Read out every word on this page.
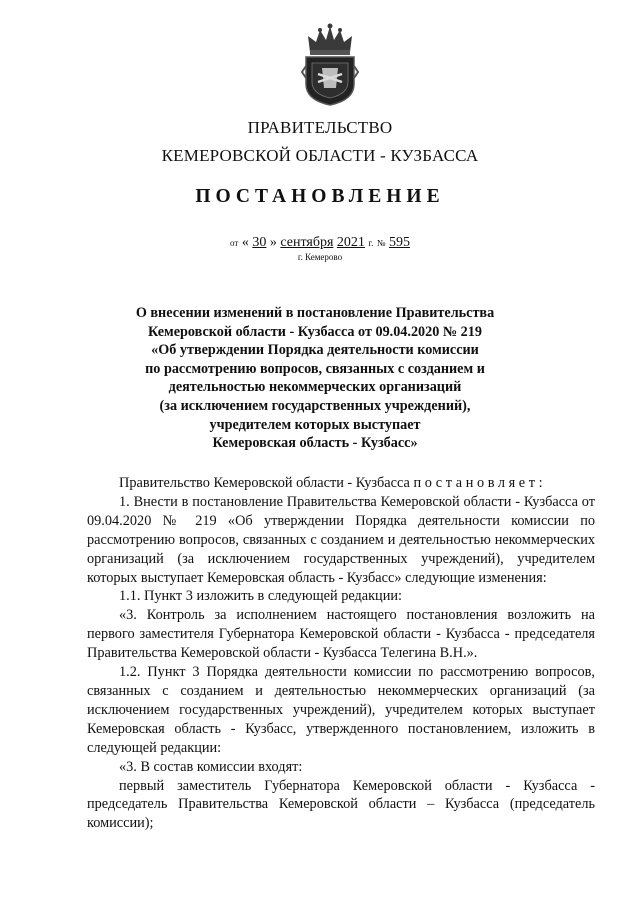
ПРАВИТЕЛЬСТВО
КЕМЕРОВСКОЙ ОБЛАСТИ - КУЗБАССА
ПОСТАНОВЛЕНИЕ
от « 30 » сентября 2021 г. № 595
г. Кемерово
О внесении изменений в постановление Правительства
Кемеровской области - Кузбасса от 09.04.2020 № 219
«Об утверждении Порядка деятельности комиссии
по рассмотрению вопросов, связанных с созданием и
деятельностью некоммерческих организаций
(за исключением государственных учреждений),
учредителем которых выступает
Кемеровская область - Кузбасс»

Правительство Кемеровской области - Кузбасса постановляет:

1. Внести в постановление Правительства Кемеровской области - Кузбасса от 09.04.2020 № 219 «Об утверждении Порядка деятельности комиссии по рассмотрению вопросов, связанных с созданием и деятельностью некоммерческих организаций (за исключением государственных учреждений), учредителем которых выступает Кемеровская область - Кузбасс» следующие изменения:

1.1. Пункт 3 изложить в следующей редакции:

«3. Контроль за исполнением настоящего постановления возложить на первого заместителя Губернатора Кемеровской области - Кузбасса - председателя Правительства Кемеровской области - Кузбасса Телегина В.Н.».

1.2. Пункт 3 Порядка деятельности комиссии по рассмотрению вопросов, связанных с созданием и деятельностью некоммерческих организаций (за исключением государственных учреждений), учредителем которых выступает Кемеровская область - Кузбасс, утвержденного постановлением, изложить в следующей редакции:

«3. В состав комиссии входят:

первый заместитель Губернатора Кемеровской области - Кузбасса - председатель Правительства Кемеровской области – Кузбасса (председатель комиссии);
